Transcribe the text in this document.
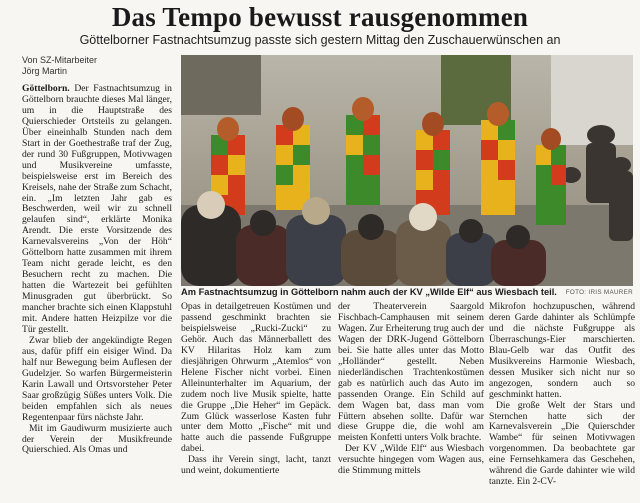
Das Tempo bewusst rausgenommen
Göttelborner Fastnachtsumzug passte sich gestern Mittag den Zuschauerwünschen an
Von SZ-Mitarbeiter
Jörg Martin

Göttelborn. Der Fastnachtsumzug in Göttelborn brauchte dieses Mal länger, um in die Hauptstraße des Quierschieder Ortsteils zu gelangen. Über eineinhalb Stunden nach dem Start in der Goethestraße traf der Zug, der rund 30 Fußgruppen, Motivwagen und Musikvereine umfasste, beispielsweise erst im Bereich des Kreisels, nahe der Straße zum Schacht, ein. „Im letzten Jahr gab es Beschwerden, weil wir zu schnell gelaufen sind“, erklärte Monika Arendt. Die erste Vorsitzende des Karnevalsvereins „Von der Höh“ Göttelborn hatte zusammen mit ihrem Team nicht gerade leicht, es den Besuchern recht zu machen. Die hatten die Wartezeit bei gefühlten Minusgraden gut überbrückt. So mancher brachte sich einen Klappstuhl mit. Andere hatten Heizpilze vor die Tür gestellt.

Zwar blieb der angekündigte Regen aus, dafür pfiff ein eisiger Wind. Da half nur Bewegung beim Auflesen der Gudelzjer. So warfen Bürgermeisterin Karin Lawall und Ortsvorsteher Peter Saar großzügig Süßes unters Volk. Die beiden empfahlen sich als neues Regentenpaar fürs nächste Jahr.

Mit im Gaudiwurm musizierte auch der Verein der Musikfreunde Quierschied. Als Omas und

Am Fastnachtsumzug in Göttelborn nahm auch der KV „Wilde Elf“ aus Wiesbach teil.	FOTO: IRIS MAURER

Opas in detailgetreuen Kostümen und passend geschminkt brachten sie beispielsweise „Rucki-Zucki“ zu Gehör. Auch das Männerballett des KV Hilaritas Holz kam zum diesjährigen Ohrwurm „Atemlos“ von Helene Fischer nicht vorbei. Einen Alleinunterhalter im Aquarium, der zudem noch live Musik spielte, hatte die Gruppe „Die Heher“ im Gepäck. Zum Glück wasserlose Kasten fuhr unter dem Motto „Fische“ mit und hatte auch die passende Fußgruppe dabei.

Dass ihr Verein singt, lacht, tanzt und weint, dokumentierte

der Theaterverein Saargold Fischbach-Camphausen mit seinem Wagen. Zur Erheiterung trug auch der Wagen der DRK-Jugend Göttelborn bei. Sie hatte alles unter das Motto „Holländer“ gestellt. Neben niederländischen Trachtenkostümen gab es natürlich auch das Auto im passenden Orange. Ein Schild auf dem Wagen bat, dass man vom Füttern absehen sollte. Dafür war diese Gruppe die, die wohl am meisten Konfetti unters Volk brachte.

Der KV „Wilde Elf“ aus Wiesbach versuchte hingegen vom Wagen aus, die Stimmung mittels

Mikrofon hochzupuschen, während deren Garde dahinter als Schlümpfe und die nächste Fußgruppe als Überraschungs-Eier marschierten. Blau-Gelb war das Outfit des Musikvereins Harmonie Wiesbach, dessen Musiker sich nicht nur so angezogen, sondern auch so geschminkt hatten.

Die große Welt der Stars und Sternchen hatte sich der Karnevalsverein „Die Quierschder Wambe“ für seinen Motivwagen vorgenommen. Da beobachtete gar eine Fernsehkamera das Geschehen, während die Garde dahinter wie wild tanzte. Ein 2-CV-
